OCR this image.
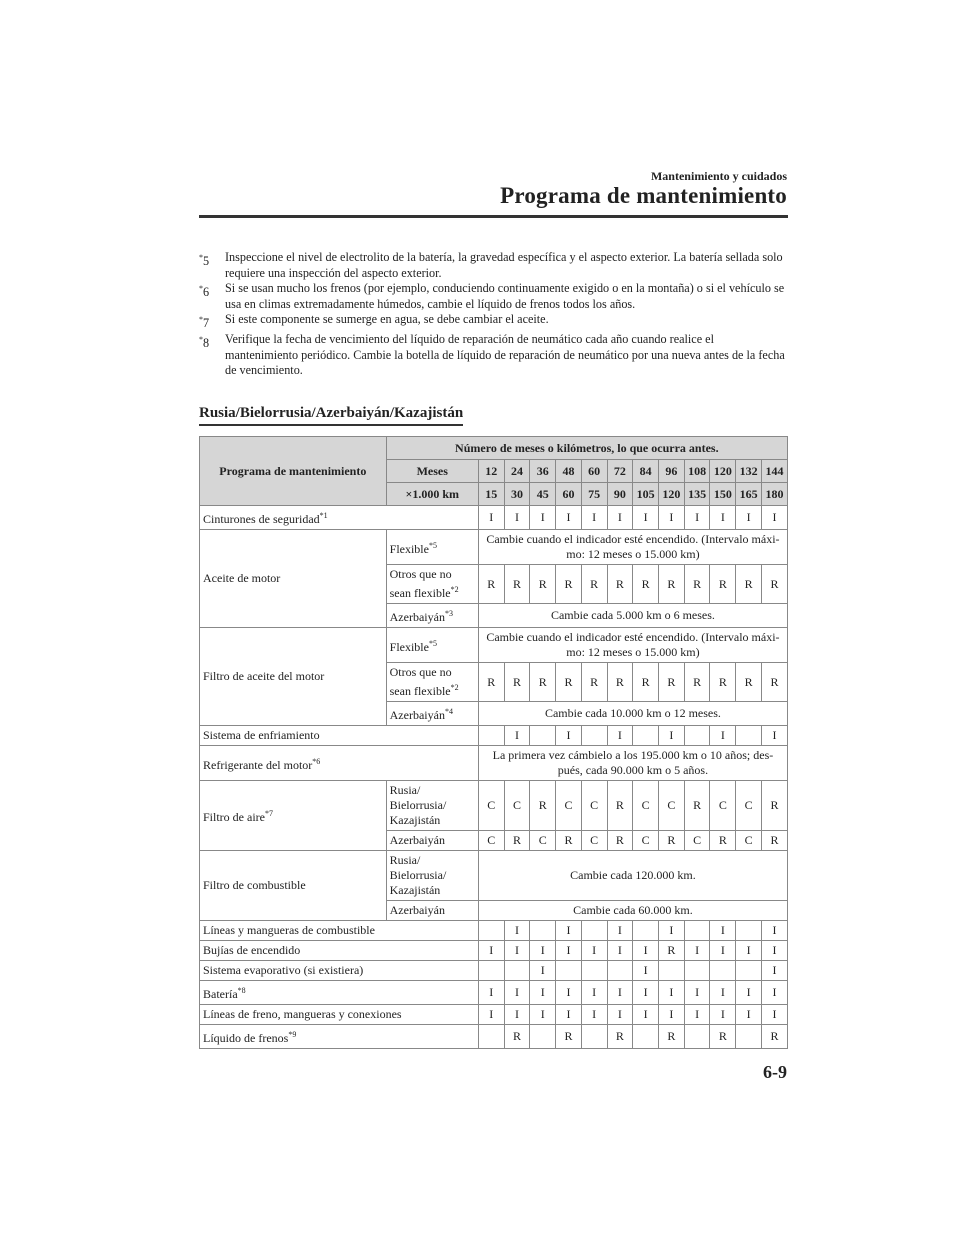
Mantenimiento y cuidados
Programa de mantenimiento
*5	Inspeccione el nivel de electrolito de la batería, la gravedad específica y el aspecto exterior. La batería sellada solo requiere una inspección del aspecto exterior.
*6	Si se usan mucho los frenos (por ejemplo, conduciendo continuamente exigido o en la montaña) o si el vehículo se usa en climas extremadamente húmedos, cambie el líquido de frenos todos los años.
*7	Si este componente se sumerge en agua, se debe cambiar el aceite.
*8	Verifique la fecha de vencimiento del líquido de reparación de neumático cada año cuando realice el mantenimiento periódico. Cambie la botella de líquido de reparación de neumático por una nueva antes de la fecha de vencimiento.
Rusia/Bielorrusia/Azerbaiyán/Kazajistán
Programa de mantenimiento	Número de meses o kilómetros, lo que ocurra antes.												
	Meses	12	24	36	48	60	72	84	96	108	120	132	144
	×1.000 km	15	30	45	60	75	90	105	120	135	150	165	180
Cinturones de seguridad$^{*1}$		I	I	I	I	I	I	I	I	I	I	I	I
Aceite de motor	Flexible$^{*5}$	Cambie cuando el indicador esté encendido. (Intervalo máxi-mo: 12 meses o 15.000 km)											
	Otros que no sean flexible$^{*2}$	R	R	R	R	R	R	R	R	R	R	R	R
	Azerbaiyán$^{*3}$	Cambie cada 5.000 km o 6 meses.											
Filtro de aceite del motor	Flexible$^{*5}$	Cambie cuando el indicador esté encendido. (Intervalo máxi-mo: 12 meses o 15.000 km)											
	Otros que no sean flexible$^{*2}$	R	R	R	R	R	R	R	R	R	R	R	R
	Azerbaiyán$^{*4}$	Cambie cada 10.000 km o 12 meses.											
Sistema de enfriamiento			I		I		I		I		I		I
Refrigerante del motor$^{*6}$		La primera vez cámbielo a los 195.000 km o 10 años; des-pués, cada 90.000 km o 5 años.											
Filtro de aire$^{*7}$	Rusia/ Bielorrusia/ Kazajistán	C	C	R	C	C	R	C	C	R	C	C	R
	Azerbaiyán	C	R	C	R	C	R	C	R	C	R	C	R
Filtro de combustible	Rusia/ Bielorrusia/ Kazajistán	Cambie cada 120.000 km.											
	Azerbaiyán	Cambie cada 60.000 km.											
Líneas y mangueras de combustible			I		I		I		I		I		I
Bujías de encendido		I	I	I	I	I	I	I	R	I	I	I	I
Sistema evaporativo (si existiera)				I				I					I
Batería$^{*8}$		I	I	I	I	I	I	I	I	I	I	I	I
Líneas de freno, mangueras y conexiones		I	I	I	I	I	I	I	I	I	I	I	I
Líquido de frenos$^{*9}$			R		R		R		R		R		R
6-9
